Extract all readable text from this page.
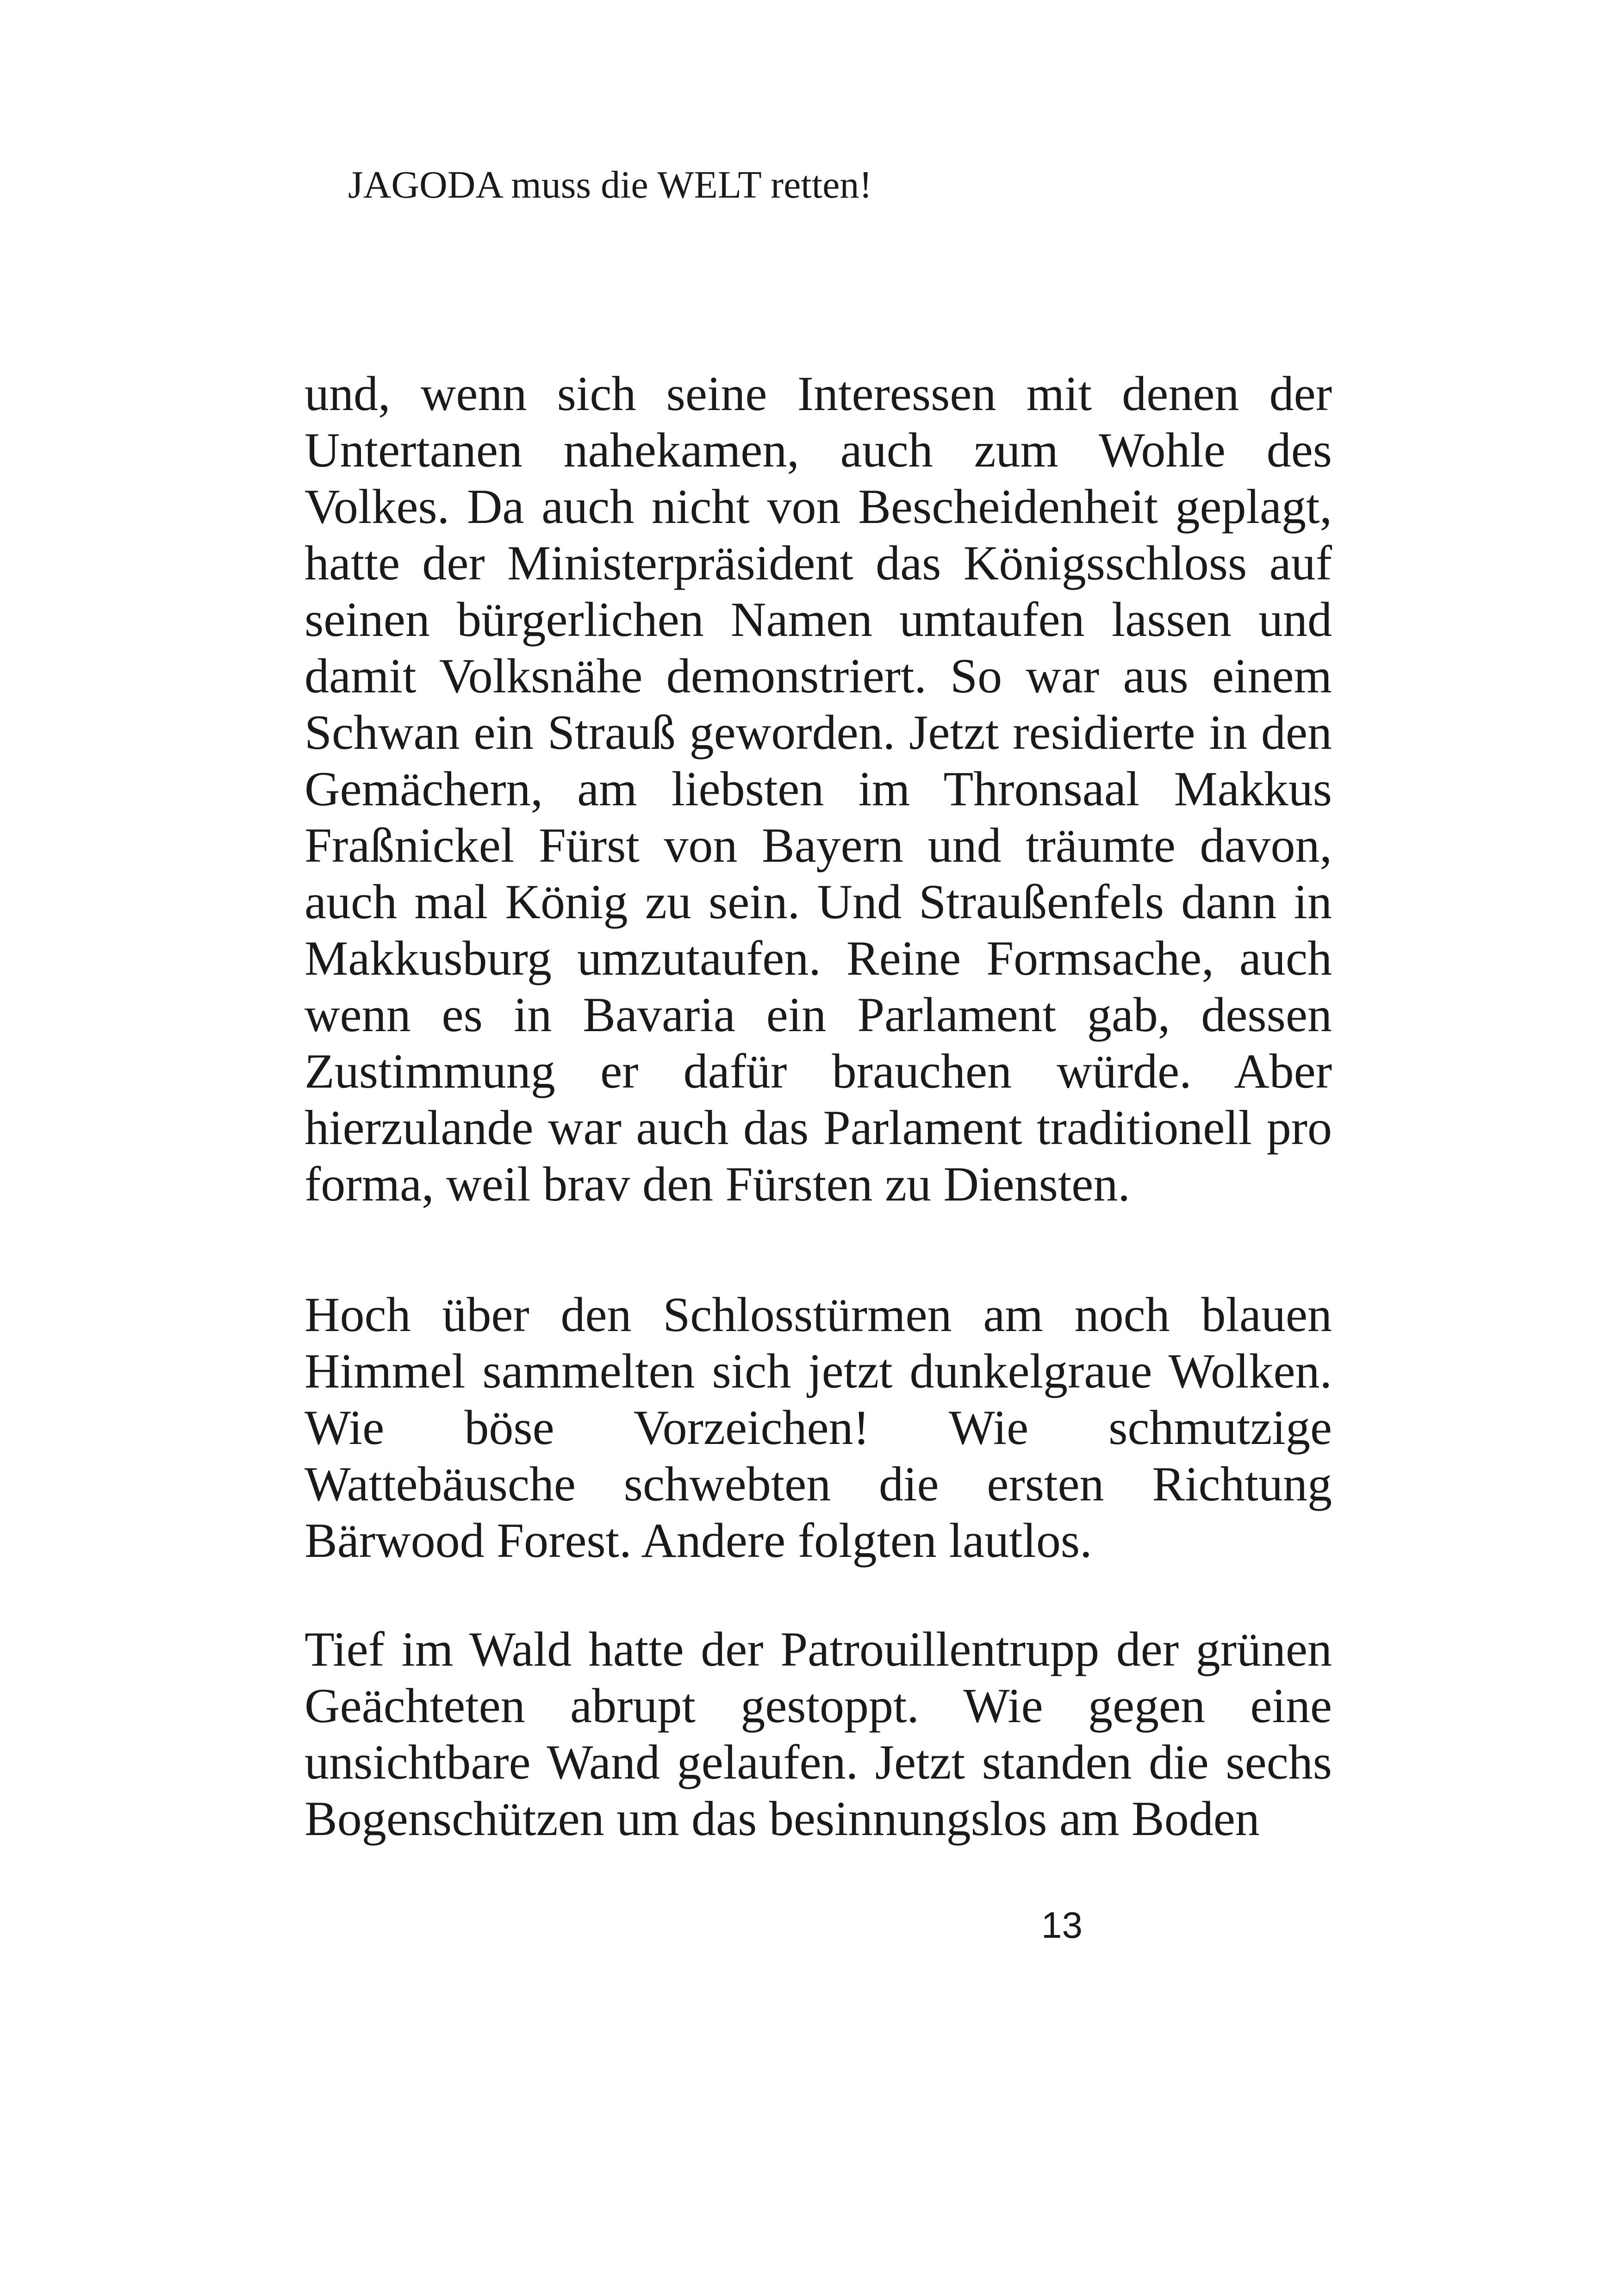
JAGODA muss die WELT retten!

und, wenn sich seine Interessen mit denen der Untertanen nahekamen, auch zum Wohle des Volkes. Da auch nicht von Bescheidenheit geplagt, hatte der Ministerpräsident das Königsschloss auf seinen bürgerlichen Namen umtaufen lassen und damit Volksnähe demonstriert. So war aus einem Schwan ein Strauß geworden. Jetzt residierte in den Gemächern, am liebsten im Thronsaal Makkus Fraßnickel Fürst von Bayern und träumte davon, auch mal König zu sein. Und Straußenfels dann in Makkusburg umzutaufen. Reine Formsache, auch wenn es in Bavaria ein Parlament gab, dessen Zustimmung er dafür brauchen würde. Aber hierzulande war auch das Parlament traditionell pro forma, weil brav den Fürsten zu Diensten.

Hoch über den Schlosstürmen am noch blauen Himmel sammelten sich jetzt dunkelgraue Wolken. Wie böse Vorzeichen! Wie schmutzige Wattebäusche schwebten die ersten Richtung Bärwood Forest. Andere folgten lautlos.

Tief im Wald hatte der Patrouillentrupp der grünen Geächteten abrupt gestoppt. Wie gegen eine unsichtbare Wand gelaufen. Jetzt standen die sechs Bogenschützen um das besinnungslos am Boden

13
